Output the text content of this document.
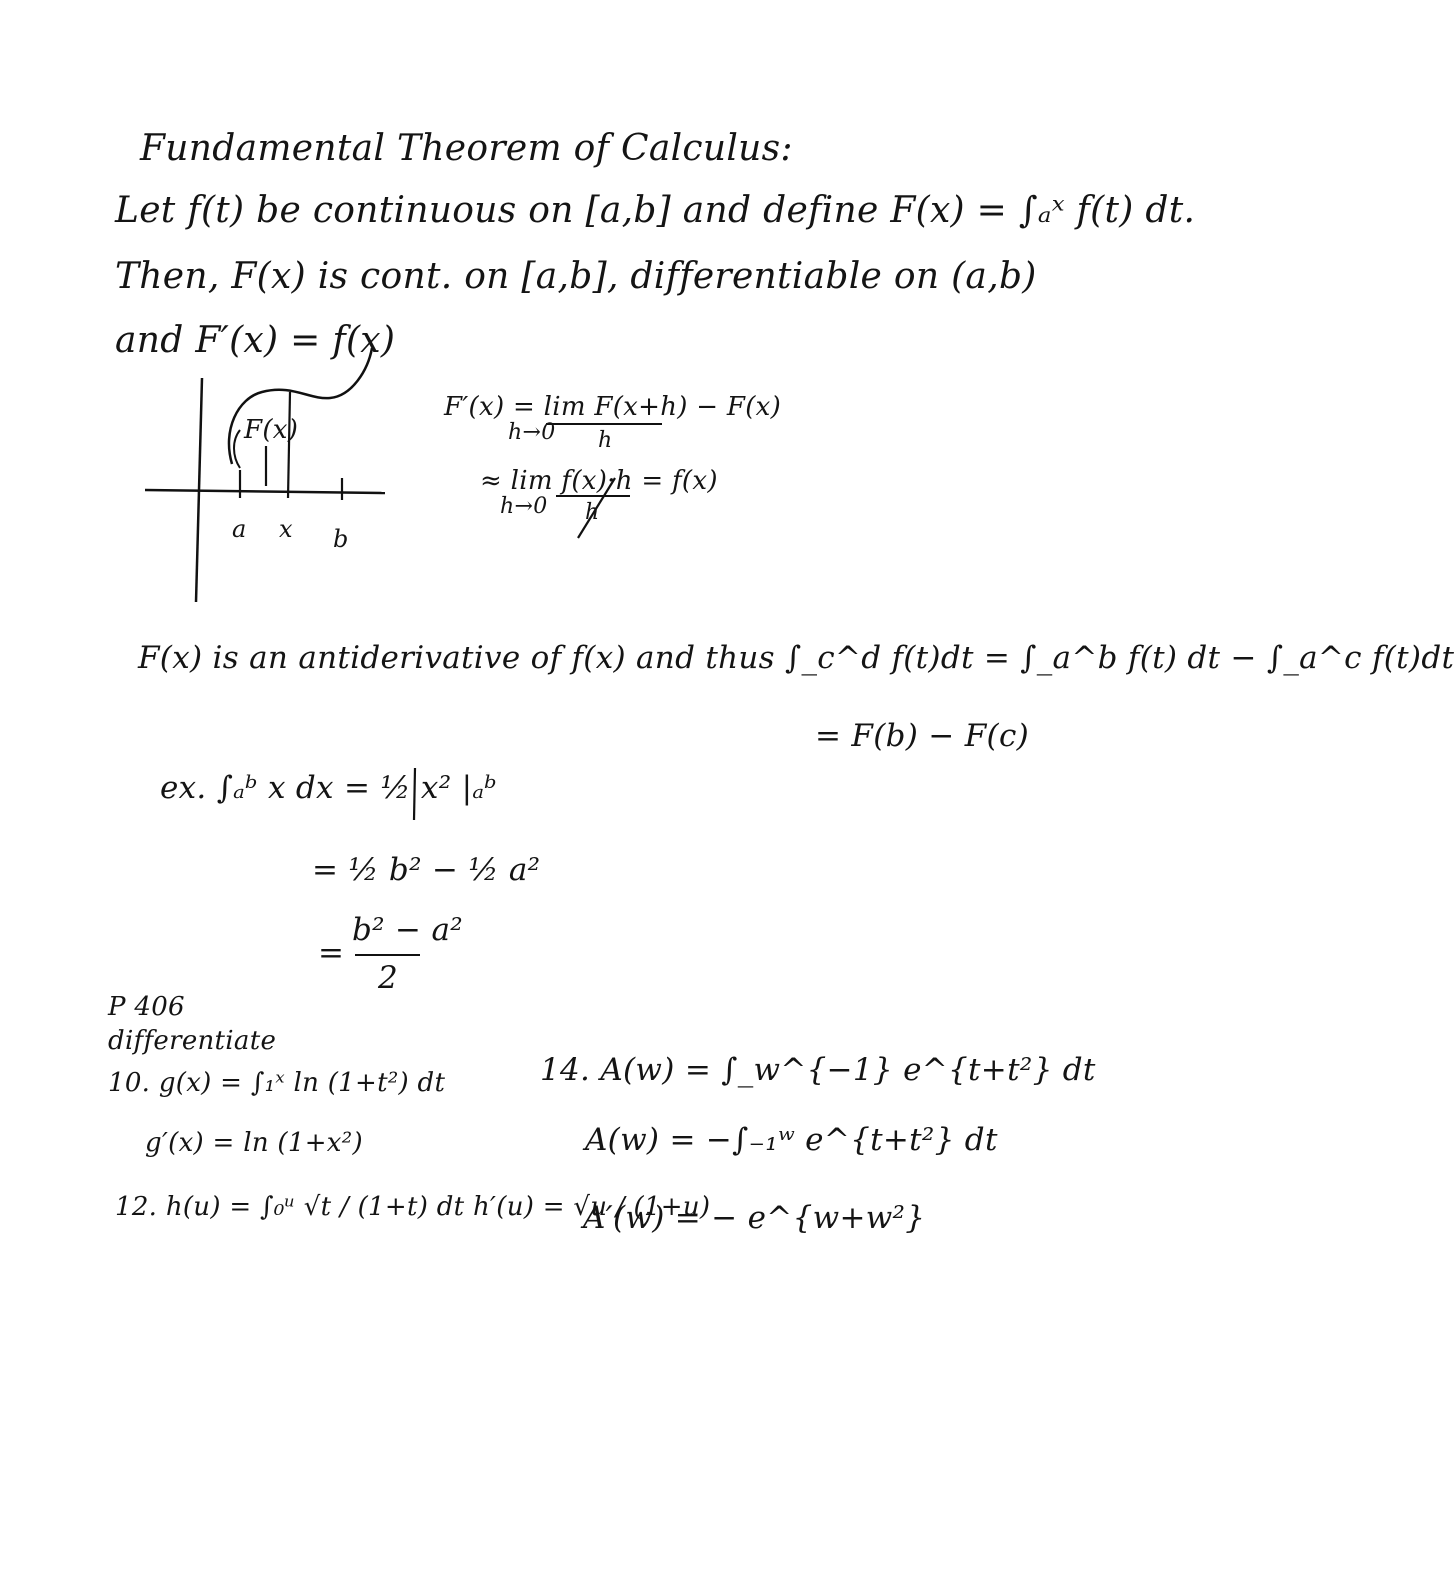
Fundamental Theorem of Calculus:
Let f(t) be continuous on [a,b] and define F(x) = ∫ₐˣ f(t) dt.
Then, F(x) is cont. on [a,b], differentiable on (a,b)
and F′(x) = f(x)
F(x)
a x b
F′(x) = lim F(x+h) − F(x)
h→0 h
≈ lim f(x)·h = f(x)
h→0 h
F(x) is an antiderivative of f(x) and thus ∫_c^d f(t)dt = ∫_a^b f(t) dt − ∫_a^c f(t)dt
= F(b) − F(c)
ex. ∫ₐᵇ x dx = ½ x² |ₐᵇ
= ½ b² − ½ a²
=
b² − a²
2
P 406
differentiate
10. g(x) = ∫₁ˣ ln (1+t²) dt
g′(x) = ln (1+x²)
12. h(u) = ∫₀ᵘ √t / (1+t) dt h′(u) = √u / (1+u)
14. A(w) = ∫_w^{−1} e^{t+t²} dt
A(w) = −∫₋₁ʷ e^{t+t²} dt
A′(w) = − e^{w+w²}
